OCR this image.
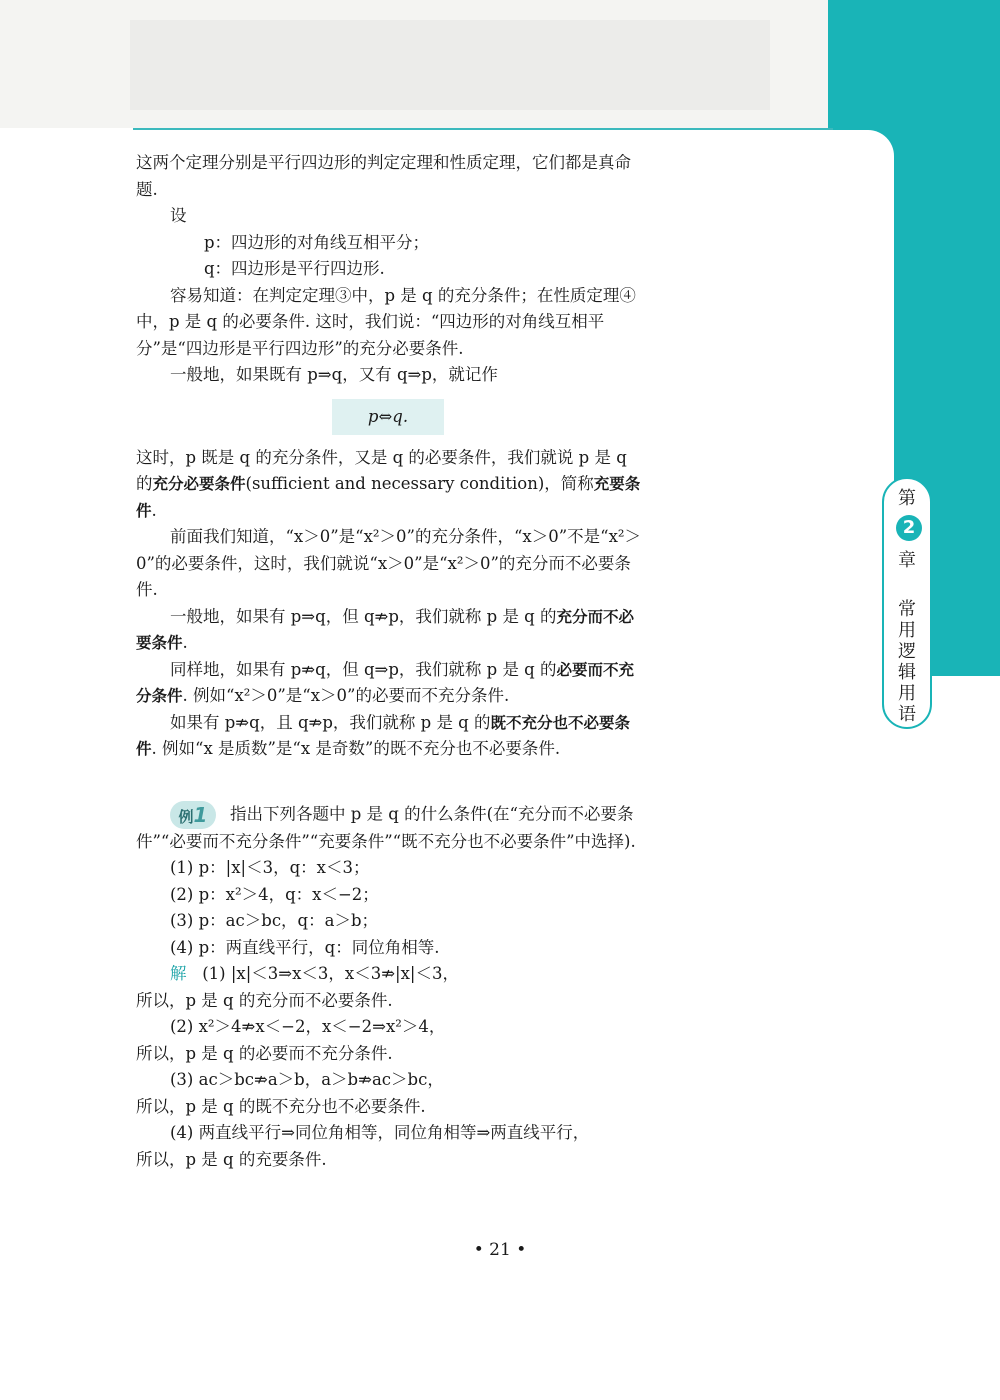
第
2
章
常
用
逻
辑
用
语

这两个定理分别是平行四边形的判定定理和性质定理，它们都是真命题.

设

p：四边形的对角线互相平分；

q：四边形是平行四边形.

容易知道：在判定定理③中，p 是 q 的充分条件；在性质定理④中，p 是 q 的必要条件. 这时，我们说：“四边形的对角线互相平分”是“四边形是平行四边形”的充分必要条件.

一般地，如果既有 p⇒q，又有 q⇒p，就记作

p⇔q.

这时，p 既是 q 的充分条件，又是 q 的必要条件，我们就说 p 是 q 的充分必要条件(sufficient and necessary condition)，简称充要条件.

前面我们知道，“x＞0”是“x²＞0”的充分条件，“x＞0”不是“x²＞0”的必要条件，这时，我们就说“x＞0”是“x²＞0”的充分而不必要条件.

一般地，如果有 p⇒q，但 q⇏p，我们就称 p 是 q 的充分而不必要条件.

同样地，如果有 p⇏q，但 q⇒p，我们就称 p 是 q 的必要而不充分条件. 例如“x²＞0”是“x＞0”的必要而不充分条件.

如果有 p⇏q，且 q⇏p，我们就称 p 是 q 的既不充分也不必要条件. 例如“x 是质数”是“x 是奇数”的既不充分也不必要条件.

例1 指出下列各题中 p 是 q 的什么条件(在“充分而不必要条件”“必要而不充分条件”“充要条件”“既不充分也不必要条件”中选择).

(1) p：|x|＜3，q：x＜3；

(2) p：x²＞4，q：x＜−2；

(3) p：ac＞bc，q：a＞b；

(4) p：两直线平行，q：同位角相等.

解 (1) |x|＜3⇒x＜3，x＜3⇏|x|＜3，

所以，p 是 q 的充分而不必要条件.

(2) x²＞4⇏x＜−2，x＜−2⇒x²＞4，

所以，p 是 q 的必要而不充分条件.

(3) ac＞bc⇏a＞b，a＞b⇏ac＞bc，

所以，p 是 q 的既不充分也不必要条件.

(4) 两直线平行⇒同位角相等，同位角相等⇒两直线平行，

所以，p 是 q 的充要条件.

• 21 •
